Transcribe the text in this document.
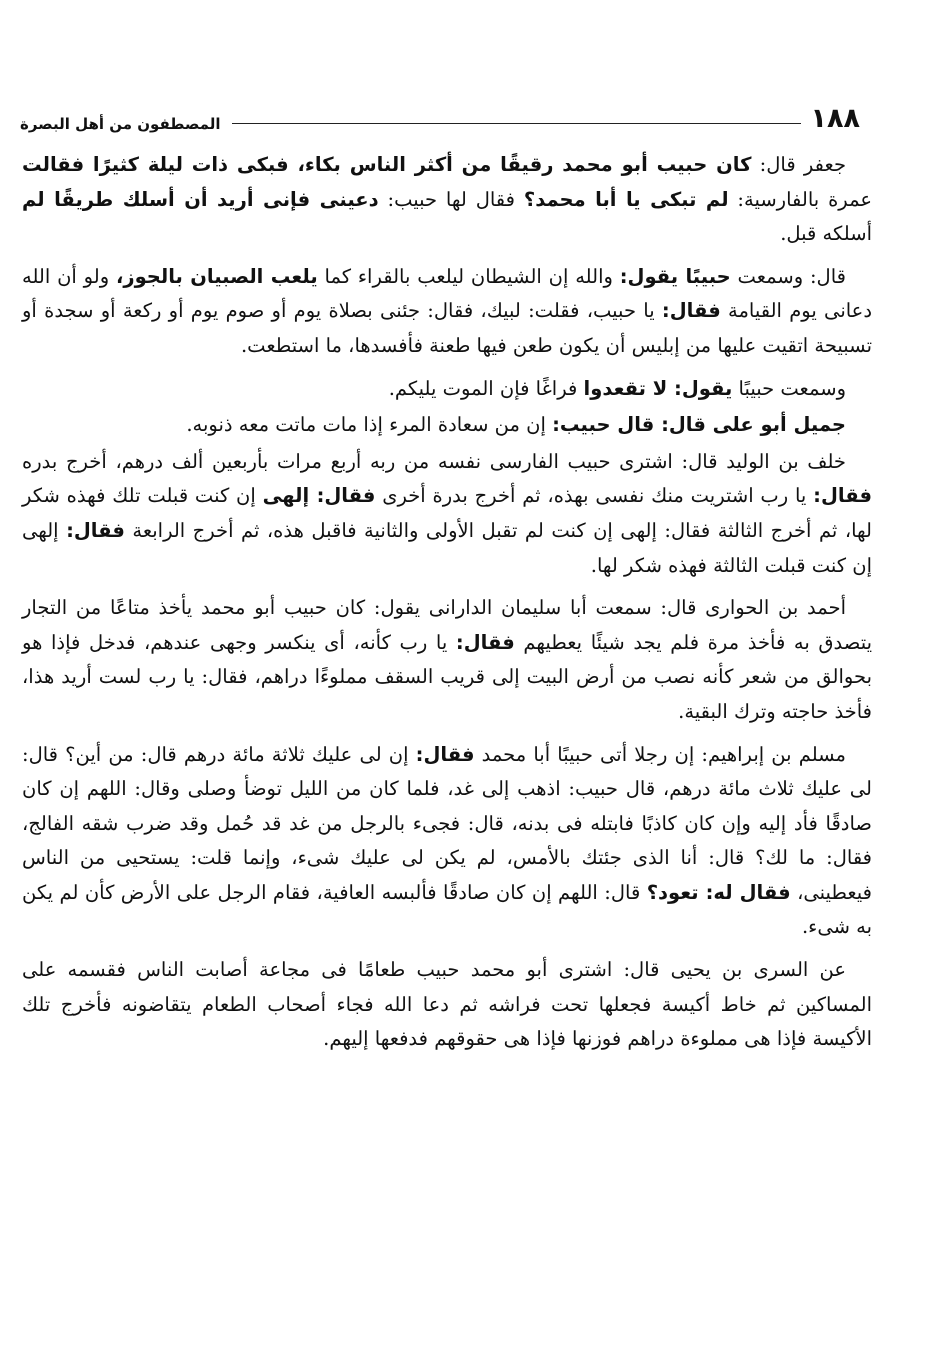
١٨٨
المصطفون من أهل البصرة

جعفر قال: كان حبيب أبو محمد رقيقًا من أكثر الناس بكاء، فبكى ذات ليلة كثيرًا فقالت عمرة بالفارسية: لم تبكى يا أبا محمد؟ فقال لها حبيب: دعينى فإنى أريد أن أسلك طريقًا لم أسلكه قبل.

قال: وسمعت حبيبًا يقول: والله إن الشيطان ليلعب بالقراء كما يلعب الصبيان بالجوز، ولو أن الله دعانى يوم القيامة فقال: يا حبيب، فقلت: لبيك، فقال: جئنى بصلاة يوم أو صوم يوم أو ركعة أو سجدة أو تسبيحة اتقيت عليها من إبليس أن يكون طعن فيها طعنة فأفسدها، ما استطعت.

وسمعت حبيبًا يقول: لا تقعدوا فراغًا فإن الموت يليكم.

جميل أبو على قال: قال حبيب: إن من سعادة المرء إذا مات ماتت معه ذنوبه.

خلف بن الوليد قال: اشترى حبيب الفارسى نفسه من ربه أربع مرات بأربعين ألف درهم، أخرج بدره فقال: يا رب اشتريت منك نفسى بهذه، ثم أخرج بدرة أخرى فقال: إلهى إن كنت قبلت تلك فهذه شكر لها، ثم أخرج الثالثة فقال: إلهى إن كنت لم تقبل الأولى والثانية فاقبل هذه، ثم أخرج الرابعة فقال: إلهى إن كنت قبلت الثالثة فهذه شكر لها.

أحمد بن الحوارى قال: سمعت أبا سليمان الدارانى يقول: كان حبيب أبو محمد يأخذ متاعًا من التجار يتصدق به فأخذ مرة فلم يجد شيئًا يعطيهم فقال: يا رب كأنه، أى ينكسر وجهى عندهم، فدخل فإذا هو بحوالق من شعر كأنه نصب من أرض البيت إلى قريب السقف مملوءًا دراهم، فقال: يا رب لست أريد هذا، فأخذ حاجته وترك البقية.

مسلم بن إبراهيم: إن رجلا أتى حبيبًا أبا محمد فقال: إن لى عليك ثلاثة مائة درهم قال: من أين؟ قال: لى عليك ثلاث مائة درهم، قال حبيب: اذهب إلى غد، فلما كان من الليل توضأ وصلى وقال: اللهم إن كان صادقًا فأد إليه وإن كان كاذبًا فابتله فى بدنه، قال: فجىء بالرجل من غد قد حُمل وقد ضرب شقه الفالج، فقال: ما لك؟ قال: أنا الذى جئتك بالأمس، لم يكن لى عليك شىء، وإنما قلت: يستحيى من الناس فيعطينى، فقال له: تعود؟ قال: اللهم إن كان صادقًا فألبسه العافية، فقام الرجل على الأرض كأن لم يكن به شىء.

عن السرى بن يحيى قال: اشترى أبو محمد حبيب طعامًا فى مجاعة أصابت الناس فقسمه على المساكين ثم خاط أكيسة فجعلها تحت فراشه ثم دعا الله فجاء أصحاب الطعام يتقاضونه فأخرج تلك الأكيسة فإذا هى مملوءة دراهم فوزنها فإذا هى حقوقهم فدفعها إليهم.
